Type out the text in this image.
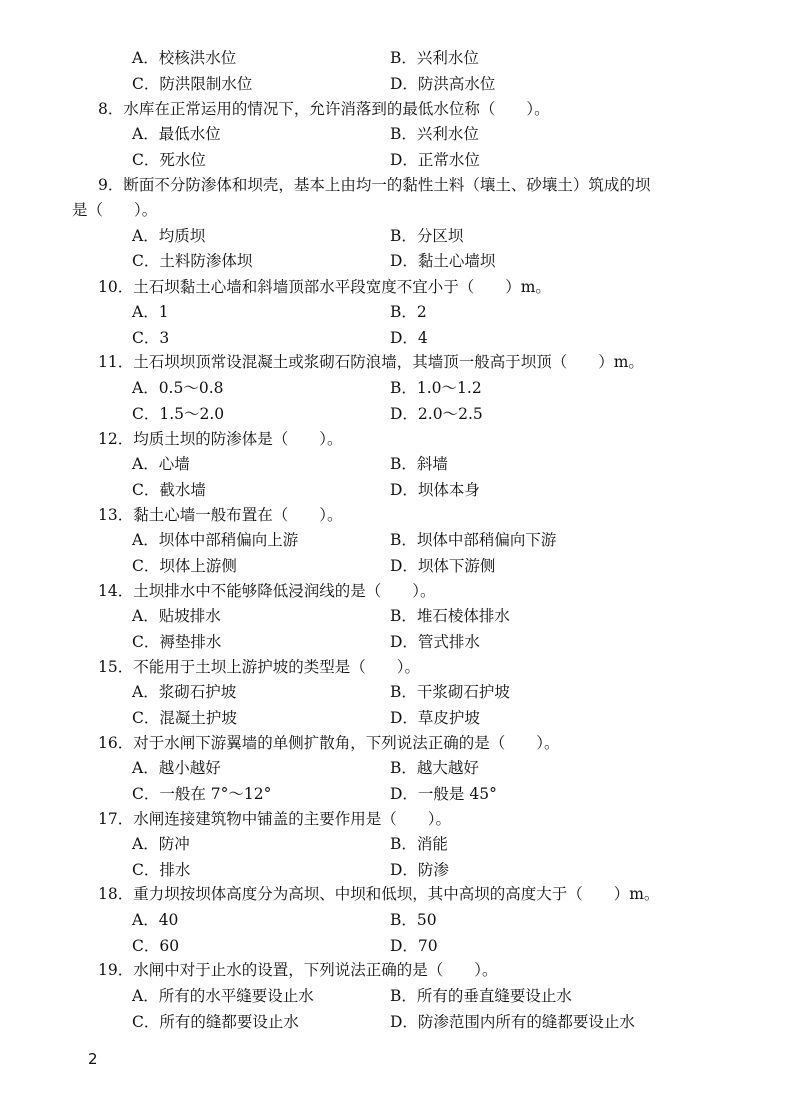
A．校核洪水位	B．兴利水位
C．防洪限制水位	D．防洪高水位
8．水库在正常运用的情况下，允许消落到的最低水位称（　　）。
A．最低水位	B．兴利水位
C．死水位	D．正常水位
9．断面不分防渗体和坝壳，基本上由均一的黏性土料（壤土、砂壤土）筑成的坝
是（　　）。
A．均质坝	B．分区坝
C．土料防渗体坝	D．黏土心墙坝
10．土石坝黏土心墙和斜墙顶部水平段宽度不宜小于（　　）m。
A．1	B．2
C．3	D．4
11．土石坝坝顶常设混凝土或浆砌石防浪墙，其墙顶一般高于坝顶（　　）m。
A．0.5～0.8	B．1.0～1.2
C．1.5～2.0	D．2.0～2.5
12．均质土坝的防渗体是（　　）。
A．心墙	B．斜墙
C．截水墙	D．坝体本身
13．黏土心墙一般布置在（　　）。
A．坝体中部稍偏向上游	B．坝体中部稍偏向下游
C．坝体上游侧	D．坝体下游侧
14．土坝排水中不能够降低浸润线的是（　　）。
A．贴坡排水	B．堆石棱体排水
C．褥垫排水	D．管式排水
15．不能用于土坝上游护坡的类型是（　　）。
A．浆砌石护坡	B．干浆砌石护坡
C．混凝土护坡	D．草皮护坡
16．对于水闸下游翼墙的单侧扩散角，下列说法正确的是（　　）。
A．越小越好	B．越大越好
C．一般在 7°～12°	D．一般是 45°
17．水闸连接建筑物中铺盖的主要作用是（　　）。
A．防冲	B．消能
C．排水	D．防渗
18．重力坝按坝体高度分为高坝、中坝和低坝，其中高坝的高度大于（　　）m。
A．40	B．50
C．60	D．70
19．水闸中对于止水的设置，下列说法正确的是（　　）。
A．所有的水平缝要设止水	B．所有的垂直缝要设止水
C．所有的缝都要设止水	D．防渗范围内所有的缝都要设止水
2
